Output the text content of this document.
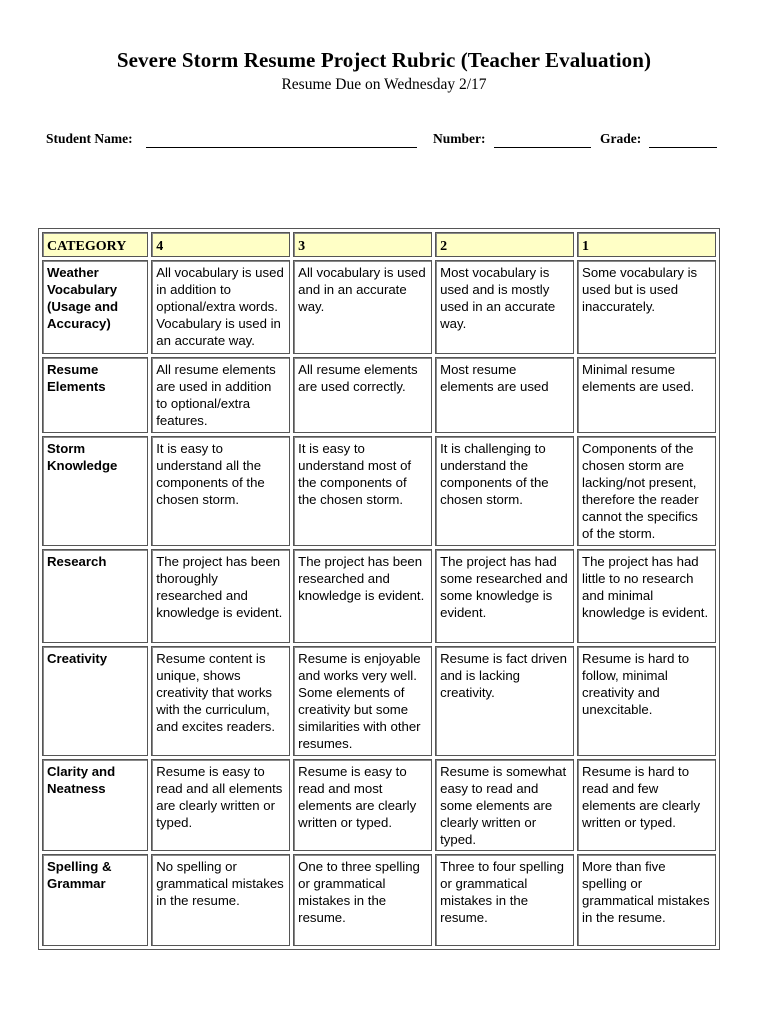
Severe Storm Resume Project Rubric (Teacher Evaluation)
Resume Due on Wednesday 2/17
Student Name:	Number:	Grade:
CATEGORY	4	3	2	1
Weather Vocabulary (Usage and Accuracy)	All vocabulary is used in addition to optional/extra words. Vocabulary is used in an accurate way.	All vocabulary is used and in an accurate way.	Most vocabulary is used and is mostly used in an accurate way.	Some vocabulary is used but is used inaccurately.
Resume Elements	All resume elements are used in addition to optional/extra features.	All resume elements are used correctly.	Most resume elements are used	Minimal resume elements are used.
Storm Knowledge	It is easy to understand all the components of the chosen storm.	It is easy to understand most of the components of the chosen storm.	It is challenging to understand the components of the chosen storm.	Components of the chosen storm are lacking/not present, therefore the reader cannot the specifics of the storm.
Research	The project has been thoroughly researched and knowledge is evident.	The project has been researched and knowledge is evident.	The project has had some researched and some knowledge is evident.	The project has had little to no research and minimal knowledge is evident.
Creativity	Resume content is unique, shows creativity that works with the curriculum, and excites readers.	Resume is enjoyable and works very well. Some elements of creativity but some similarities with other resumes.	Resume is fact driven and is lacking creativity.	Resume is hard to follow, minimal creativity and unexcitable.
Clarity and Neatness	Resume is easy to read and all elements are clearly written or typed.	Resume is easy to read and most elements are clearly written or typed.	Resume is somewhat easy to read and some elements are clearly written or typed.	Resume is hard to read and few elements are clearly written or typed.
Spelling & Grammar	No spelling or grammatical mistakes in the resume.	One to three spelling or grammatical mistakes in the resume.	Three to four spelling or grammatical mistakes in the resume.	More than five spelling or grammatical mistakes in the resume.
